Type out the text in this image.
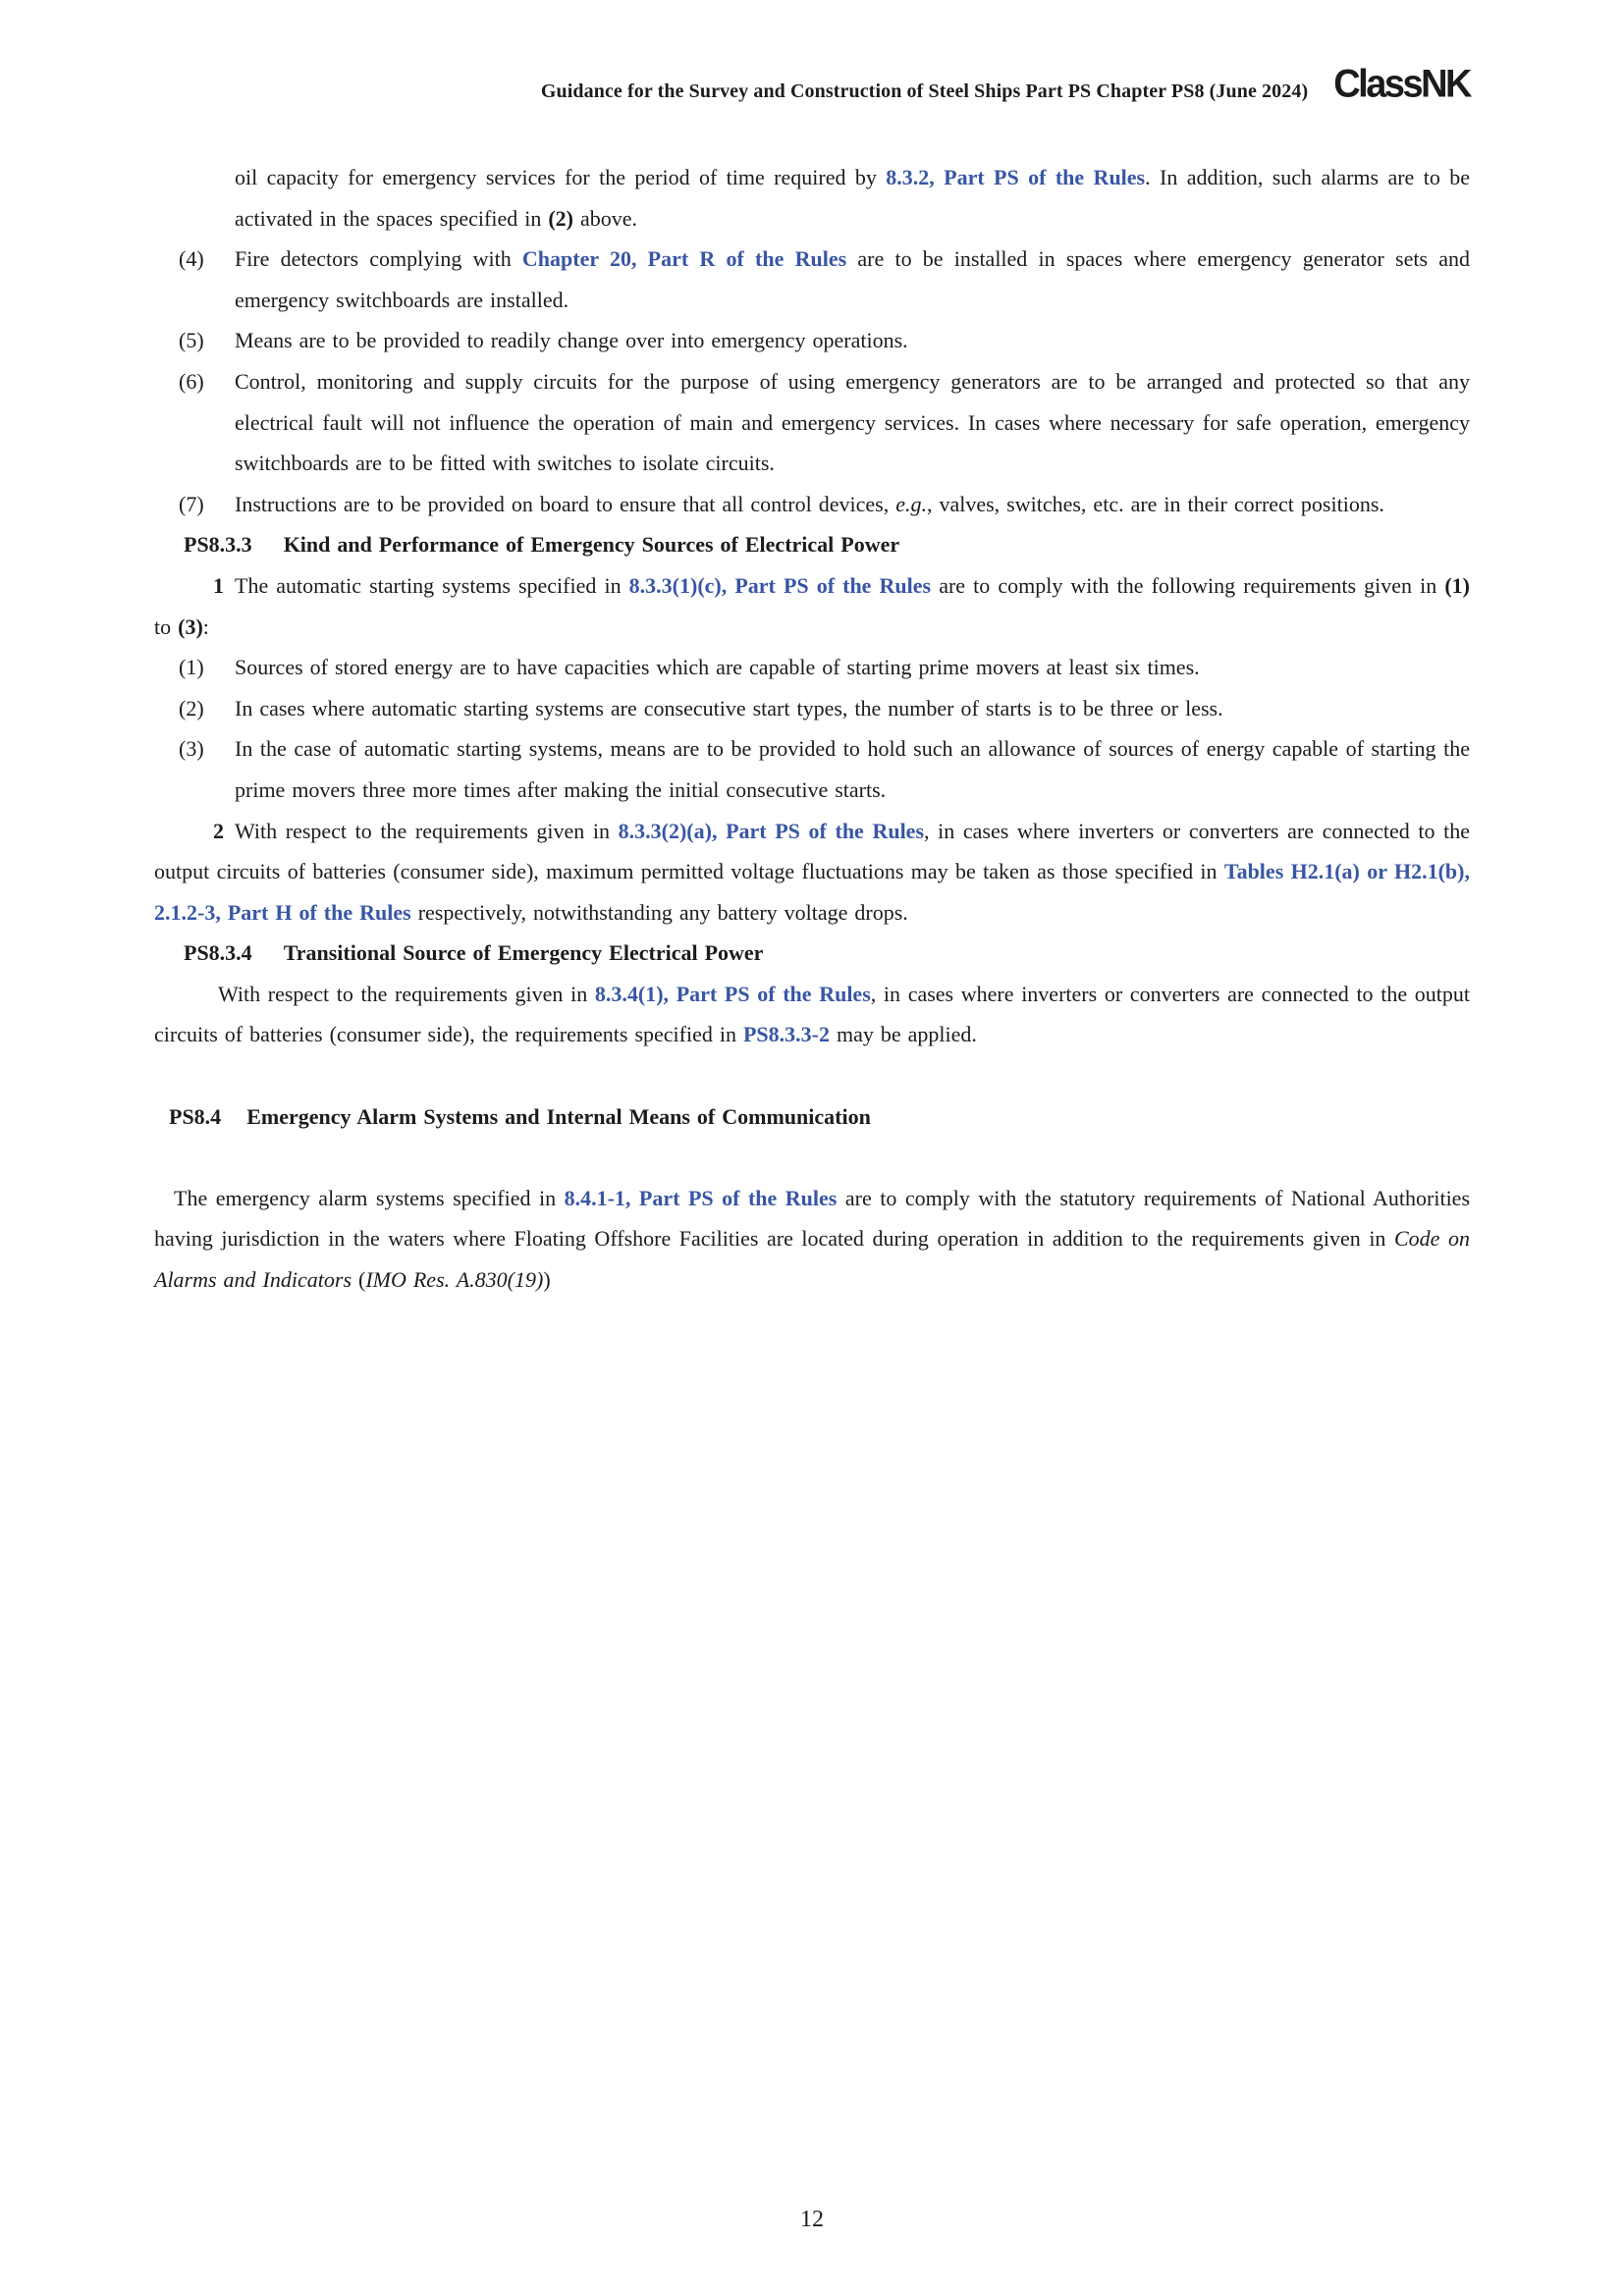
Guidance for the Survey and Construction of Steel Ships Part PS Chapter PS8 (June 2024) ClassNK
oil capacity for emergency services for the period of time required by 8.3.2, Part PS of the Rules. In addition, such alarms are to be activated in the spaces specified in (2) above.
(4) Fire detectors complying with Chapter 20, Part R of the Rules are to be installed in spaces where emergency generator sets and emergency switchboards are installed.
(5) Means are to be provided to readily change over into emergency operations.
(6) Control, monitoring and supply circuits for the purpose of using emergency generators are to be arranged and protected so that any electrical fault will not influence the operation of main and emergency services. In cases where necessary for safe operation, emergency switchboards are to be fitted with switches to isolate circuits.
(7) Instructions are to be provided on board to ensure that all control devices, e.g., valves, switches, etc. are in their correct positions.
PS8.3.3 Kind and Performance of Emergency Sources of Electrical Power
1 The automatic starting systems specified in 8.3.3(1)(c), Part PS of the Rules are to comply with the following requirements given in (1) to (3):
(1) Sources of stored energy are to have capacities which are capable of starting prime movers at least six times.
(2) In cases where automatic starting systems are consecutive start types, the number of starts is to be three or less.
(3) In the case of automatic starting systems, means are to be provided to hold such an allowance of sources of energy capable of starting the prime movers three more times after making the initial consecutive starts.
2 With respect to the requirements given in 8.3.3(2)(a), Part PS of the Rules, in cases where inverters or converters are connected to the output circuits of batteries (consumer side), maximum permitted voltage fluctuations may be taken as those specified in Tables H2.1(a) or H2.1(b), 2.1.2-3, Part H of the Rules respectively, notwithstanding any battery voltage drops.
PS8.3.4 Transitional Source of Emergency Electrical Power
With respect to the requirements given in 8.3.4(1), Part PS of the Rules, in cases where inverters or converters are connected to the output circuits of batteries (consumer side), the requirements specified in PS8.3.3-2 may be applied.
PS8.4 Emergency Alarm Systems and Internal Means of Communication
The emergency alarm systems specified in 8.4.1-1, Part PS of the Rules are to comply with the statutory requirements of National Authorities having jurisdiction in the waters where Floating Offshore Facilities are located during operation in addition to the requirements given in Code on Alarms and Indicators (IMO Res. A.830(19))
12
